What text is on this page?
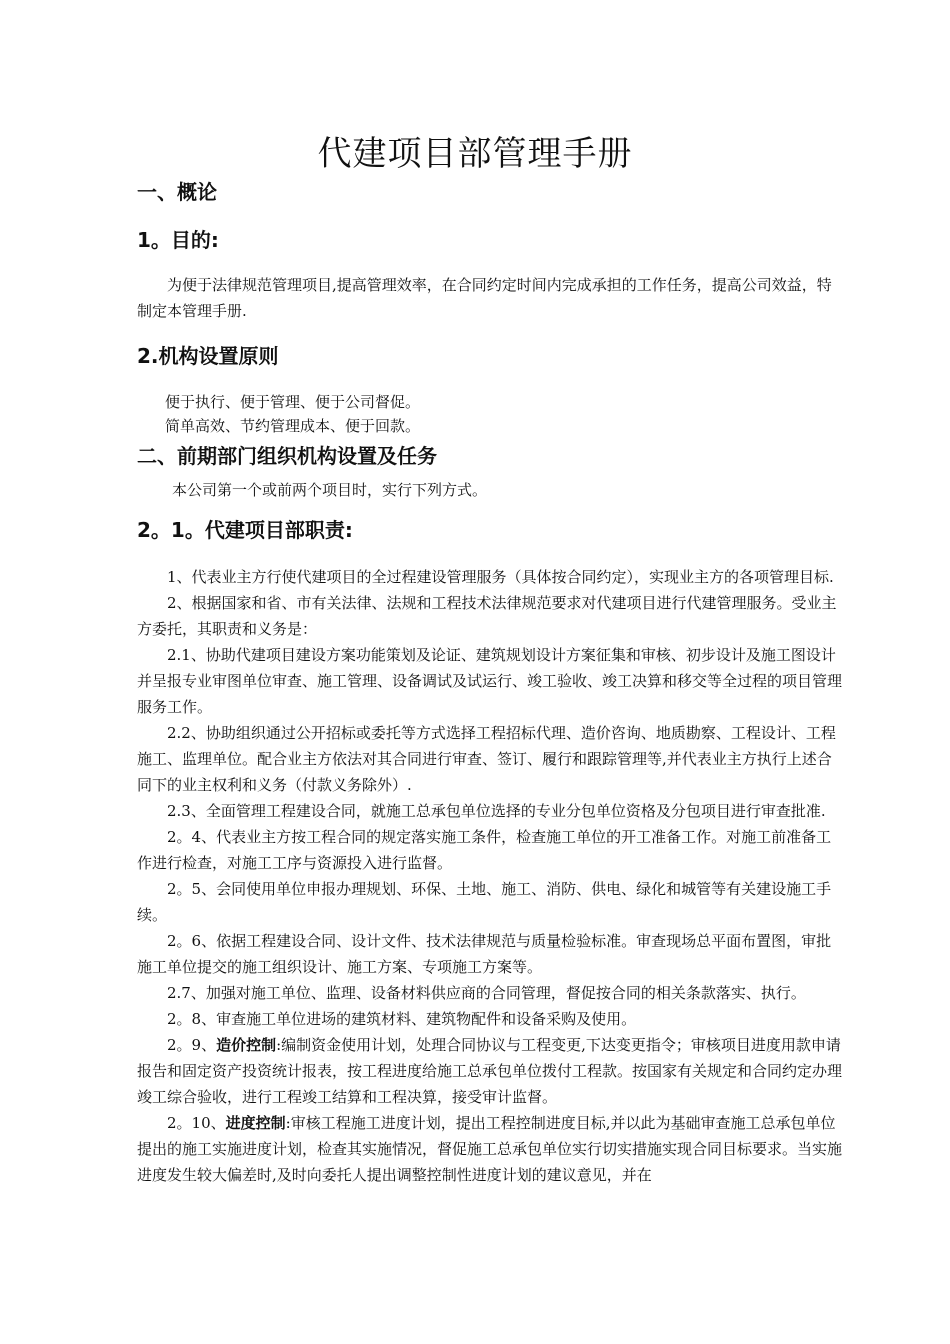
代建项目部管理手册
一、概论
1。目的:
为便于法律规范管理项目,提高管理效率，在合同约定时间内完成承担的工作任务，提高公司效益，特制定本管理手册.
2.机构设置原则
便于执行、便于管理、便于公司督促。
简单高效、节约管理成本、便于回款。
二、前期部门组织机构设置及任务
本公司第一个或前两个项目时，实行下列方式。
2。1。代建项目部职责:
1、代表业主方行使代建项目的全过程建设管理服务（具体按合同约定），实现业主方的各项管理目标.
2、根据国家和省、市有关法律、法规和工程技术法律规范要求对代建项目进行代建管理服务。受业主方委托，其职责和义务是：
2.1、协助代建项目建设方案功能策划及论证、建筑规划设计方案征集和审核、初步设计及施工图设计并呈报专业审图单位审查、施工管理、设备调试及试运行、竣工验收、竣工决算和移交等全过程的项目管理服务工作。
2.2、协助组织通过公开招标或委托等方式选择工程招标代理、造价咨询、地质勘察、工程设计、工程施工、监理单位。配合业主方依法对其合同进行审查、签订、履行和跟踪管理等,并代表业主方执行上述合同下的业主权利和义务（付款义务除外）.
2.3、全面管理工程建设合同，就施工总承包单位选择的专业分包单位资格及分包项目进行审查批准.
2。4、代表业主方按工程合同的规定落实施工条件，检查施工单位的开工准备工作。对施工前准备工作进行检查，对施工工序与资源投入进行监督。
2。5、会同使用单位申报办理规划、环保、土地、施工、消防、供电、绿化和城管等有关建设施工手续。
2。6、依据工程建设合同、设计文件、技术法律规范与质量检验标准。审查现场总平面布置图，审批施工单位提交的施工组织设计、施工方案、专项施工方案等。
2.7、加强对施工单位、监理、设备材料供应商的合同管理，督促按合同的相关条款落实、执行。
2。8、审查施工单位进场的建筑材料、建筑物配件和设备采购及使用。
2。9、造价控制:编制资金使用计划，处理合同协议与工程变更,下达变更指令；审核项目进度用款申请报告和固定资产投资统计报表，按工程进度给施工总承包单位拨付工程款。按国家有关规定和合同约定办理竣工综合验收，进行工程竣工结算和工程决算，接受审计监督。
2。10、进度控制:审核工程施工进度计划，提出工程控制进度目标,并以此为基础审查施工总承包单位提出的施工实施进度计划，检查其实施情况，督促施工总承包单位实行切实措施实现合同目标要求。当实施进度发生较大偏差时,及时向委托人提出调整控制性进度计划的建议意见，并在
